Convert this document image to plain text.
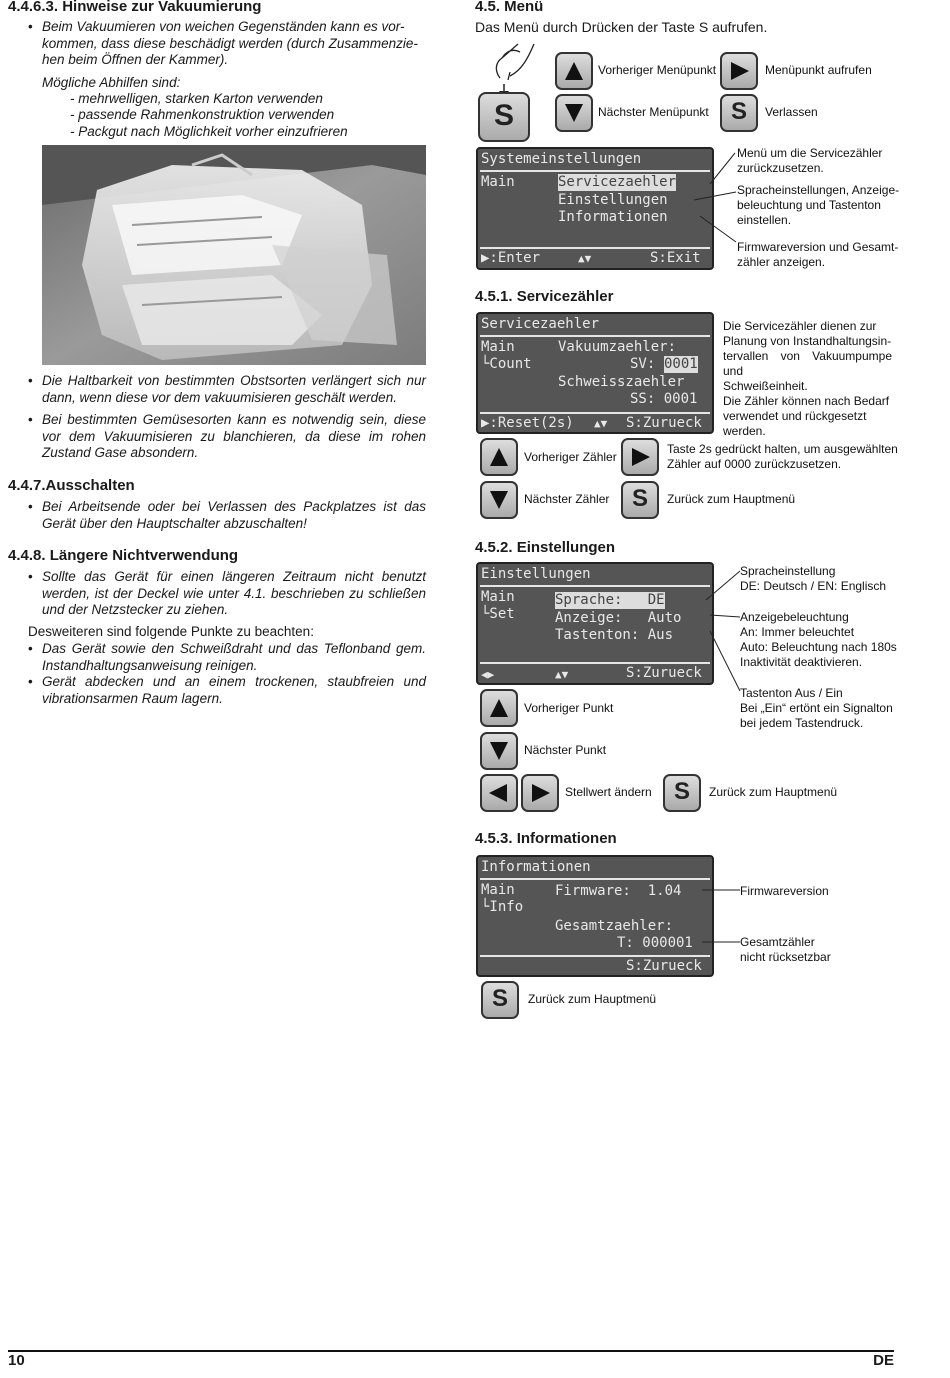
4.4.6.3. Hinweise zur Vakuumierung
• Beim Vakuumieren von weichen Gegenständen kann es vor-
kommen, dass diese beschädigt werden (durch Zusammenzie-
hen beim Öffnen der Kammer).
Mögliche Abhilfen sind:
- mehrwelligen, starken Karton verwenden
- passende Rahmenkonstruktion verwenden
- Packgut nach Möglichkeit vorher einzufrieren
• Die Haltbarkeit von bestimmten Obstsorten verlängert sich nur dann, wenn diese vor dem vakuumisieren geschält werden.
• Bei bestimmten Gemüsesorten kann es notwendig sein, diese vor dem Vakuumisieren zu blanchieren, da diese im rohen Zustand Gase absondern.
4.4.7.Ausschalten
• Bei Arbeitsende oder bei Verlassen des Packplatzes ist das Gerät über den Hauptschalter abzuschalten!
4.4.8. Längere Nichtverwendung
• Sollte das Gerät für einen längeren Zeitraum nicht benutzt werden, ist der Deckel wie unter 4.1. beschrieben zu schließen und der Netzstecker zu ziehen.
Desweiteren sind folgende Punkte zu beachten:
• Das Gerät sowie den Schweißdraht und das Teflonband gem. Instandhaltungsanweisung reinigen.
• Gerät abdecken und an einem trockenen, staubfreien und vibrationsarmen Raum lagern.
4.5. Menü
Das Menü durch Drücken der Taste S aufrufen.
S
Vorheriger Menüpunkt
Nächster Menüpunkt
Menüpunkt aufrufen
S	Verlassen
Systemeinstellungen
Main	Servicezaehler
Einstellungen
Informationen
▶:Enter	▲▼	S:Exit
Menü um die Servicezähler
zurückzusetzen.
Spracheinstellungen, Anzeige-
beleuchtung und Tastenton
einstellen.
Firmwareversion und Gesamt-
zähler anzeigen.
4.5.1. Servicezähler
Servicezaehler
Main
└Count
Vakuumzaehler:
SV: 0001
Schweisszaehler
SS: 0001
▶:Reset(2s) ▲▼ S:Zurueck
Die Servicezähler dienen zur
Planung von Instandhaltungsin-
tervallen von Vakuumpumpe und
Schweißeinheit.
Die Zähler können nach Bedarf
verwendet und rückgesetzt
werden.
Vorheriger Zähler
Nächster Zähler
Taste 2s gedrückt halten, um ausgewählten
Zähler auf 0000 zurückzusetzen.
S	Zurück zum Hauptmenü
4.5.2. Einstellungen
Einstellungen
Main
└Set
Sprache:   DE
Anzeige:   Auto
Tastenton: Aus
◀▶	▲▼	S:Zurueck
Spracheinstellung
DE: Deutsch / EN: Englisch
Anzeigebeleuchtung
An: Immer beleuchtet
Auto: Beleuchtung nach 180s
Inaktivität deaktivieren.
Tastenton Aus / Ein
Bei „Ein“ ertönt ein Signalton
bei jedem Tastendruck.
Vorheriger Punkt
Nächster Punkt
Stellwert ändern S	Zurück zum Hauptmenü
4.5.3. Informationen
Informationen
Main
└Info
Firmware:  1.04
Gesamtzaehler:
T: 000001
S:Zurueck
Firmwareversion
Gesamtzähler
nicht rücksetzbar
S	Zurück zum Hauptmenü
10	DE
